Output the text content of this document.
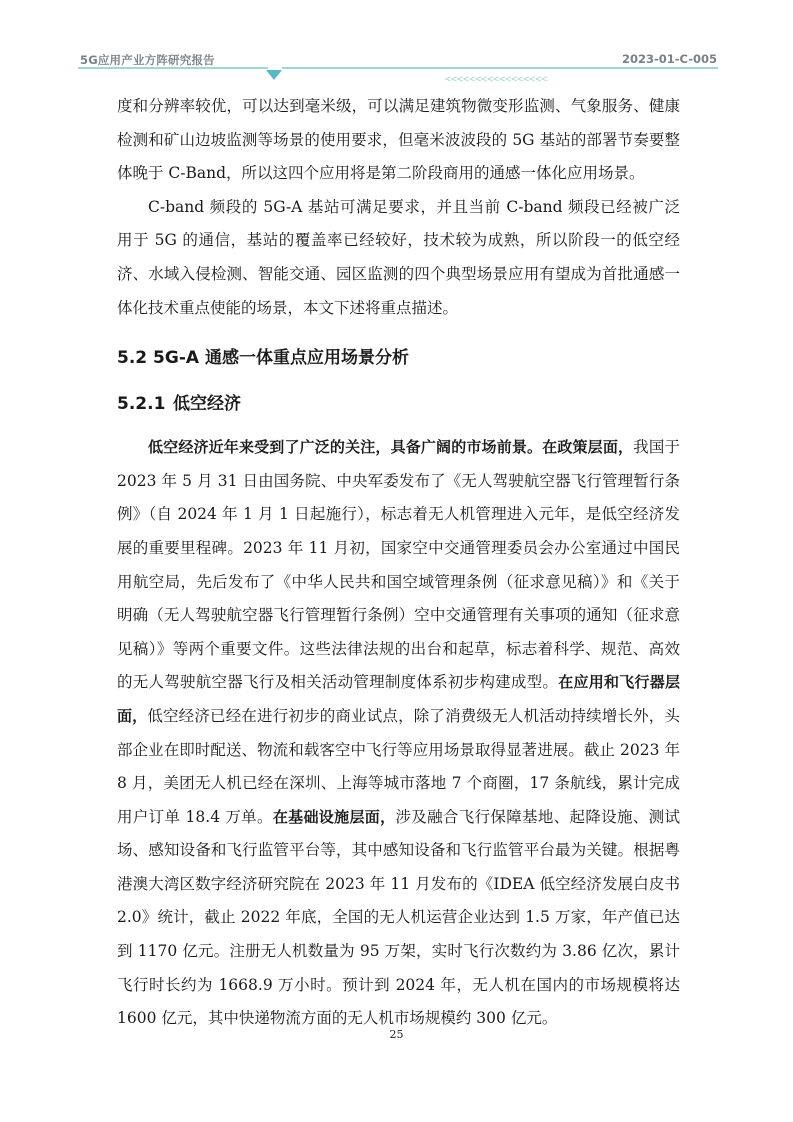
5G应用产业方阵研究报告	2023-01-C-005
<<<<<<<<<<<<<<<<<

度和分辨率较优，可以达到毫米级，可以满足建筑物微变形监测、气象服务、健康检测和矿山边坡监测等场景的使用要求，但毫米波波段的 5G 基站的部署节奏要整体晚于 C-Band，所以这四个应用将是第二阶段商用的通感一体化应用场景。

C-band 频段的 5G-A 基站可满足要求，并且当前 C-band 频段已经被广泛用于 5G 的通信，基站的覆盖率已经较好，技术较为成熟，所以阶段一的低空经济、水域入侵检测、智能交通、园区监测的四个典型场景应用有望成为首批通感一体化技术重点使能的场景，本文下述将重点描述。

5.2 5G-A 通感一体重点应用场景分析
5.2.1 低空经济

低空经济近年来受到了广泛的关注，具备广阔的市场前景。在政策层面，我国于 2023 年 5 月 31 日由国务院、中央军委发布了《无人驾驶航空器飞行管理暂行条例》（自 2024 年 1 月 1 日起施行），标志着无人机管理进入元年，是低空经济发展的重要里程碑。2023 年 11 月初，国家空中交通管理委员会办公室通过中国民用航空局，先后发布了《中华人民共和国空域管理条例（征求意见稿）》和《关于明确（无人驾驶航空器飞行管理暂行条例）空中交通管理有关事项的通知（征求意见稿）》等两个重要文件。这些法律法规的出台和起草，标志着科学、规范、高效的无人驾驶航空器飞行及相关活动管理制度体系初步构建成型。在应用和飞行器层面，低空经济已经在进行初步的商业试点，除了消费级无人机活动持续增长外，头部企业在即时配送、物流和载客空中飞行等应用场景取得显著进展。截止 2023 年 8 月，美团无人机已经在深圳、上海等城市落地 7 个商圈，17 条航线，累计完成用户订单 18.4 万单。在基础设施层面，涉及融合飞行保障基地、起降设施、测试场、感知设备和飞行监管平台等，其中感知设备和飞行监管平台最为关键。根据粤港澳大湾区数字经济研究院在 2023 年 11 月发布的《IDEA 低空经济发展白皮书 2.0》统计，截止 2022 年底，全国的无人机运营企业达到 1.5 万家，年产值已达到 1170 亿元。注册无人机数量为 95 万架，实时飞行次数约为 3.86 亿次，累计飞行时长约为 1668.9 万小时。预计到 2024 年，无人机在国内的市场规模将达 1600 亿元，其中快递物流方面的无人机市场规模约 300 亿元。

25
